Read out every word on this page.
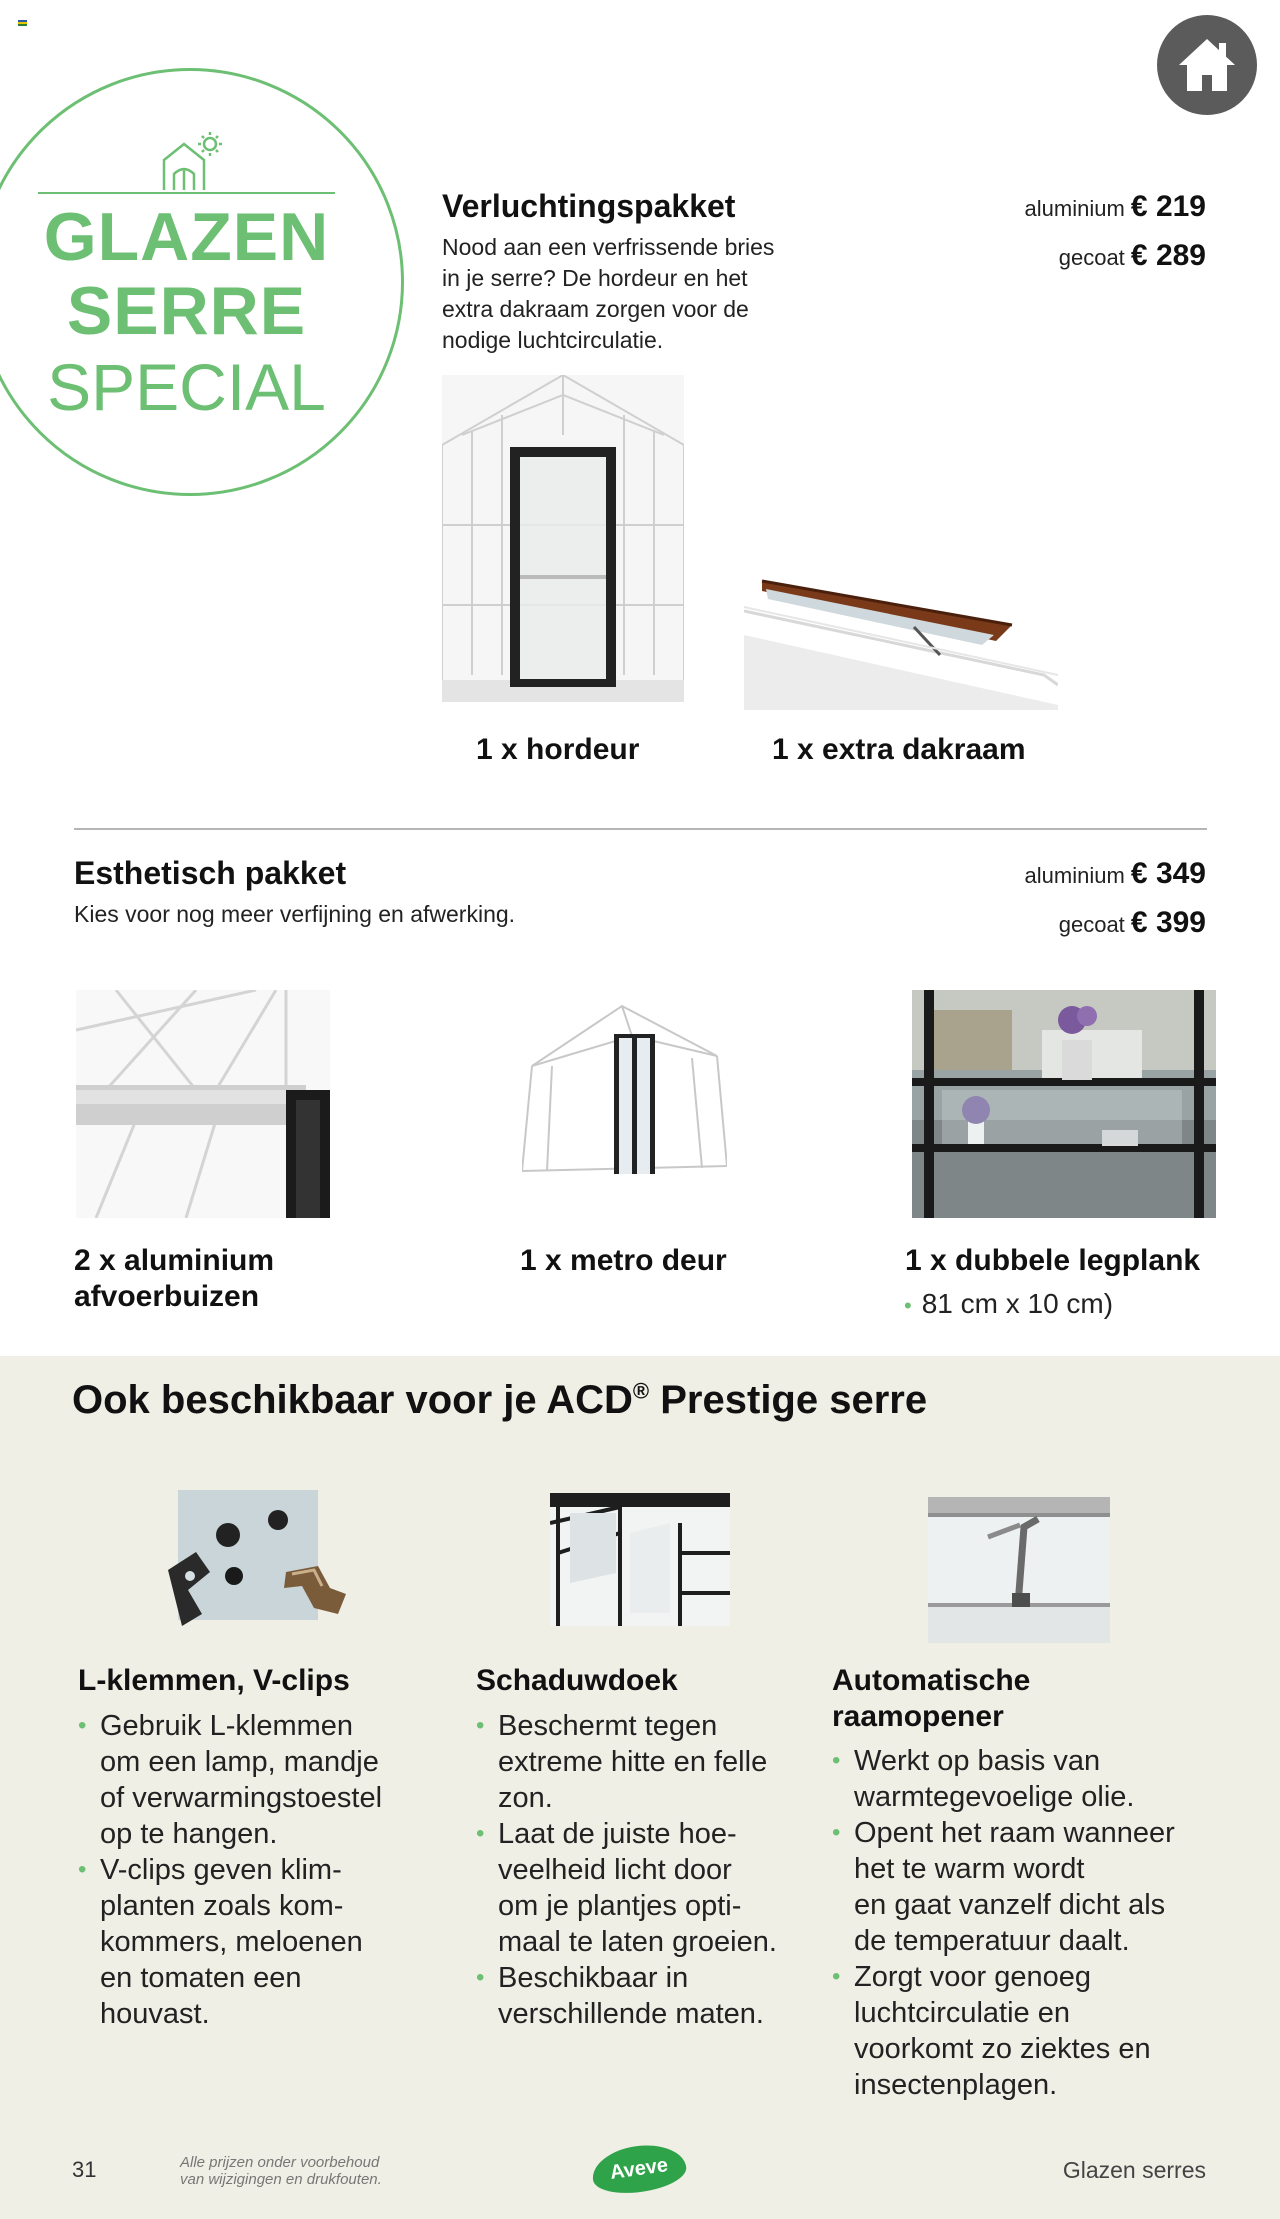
GLAZEN
SERRE
SPECIAL
Verluchtingspakket
Nood aan een verfrissende bries
in je serre? De hordeur en het
extra dakraam zorgen voor de
nodige luchtcirculatie.
aluminium € 219
gecoat € 289
1 x hordeur	1 x extra dakraam
Esthetisch pakket
Kies voor nog meer verfijning en afwerking.
aluminium € 349
gecoat € 399
2 x aluminium
afvoerbuizen
1 x metro deur	1 x dubbele legplank
• 81 cm x 10 cm)
Ook beschikbaar voor je ACD® Prestige serre
L-klemmen, V-clips
• Gebruik L-klemmen
om een lamp, mandje
of verwarmingstoestel
op te hangen.
• V-clips geven klim-
planten zoals kom-
kommers, meloenen
en tomaten een
houvast.
Schaduwdoek
• Beschermt tegen
extreme hitte en felle
zon.
• Laat de juiste hoe-
veelheid licht door
om je plantjes opti-
maal te laten groeien.
• Beschikbaar in
verschillende maten.
Automatische
raamopener
• Werkt op basis van
warmtegevoelige olie.
• Opent het raam wanneer
het te warm wordt
en gaat vanzelf dicht als
de temperatuur daalt.
• Zorgt voor genoeg
luchtcirculatie en
voorkomt zo ziektes en
insectenplagen.
31	Alle prijzen onder voorbehoud
van wijzigingen en drukfouten.	Aveve	Glazen serres
